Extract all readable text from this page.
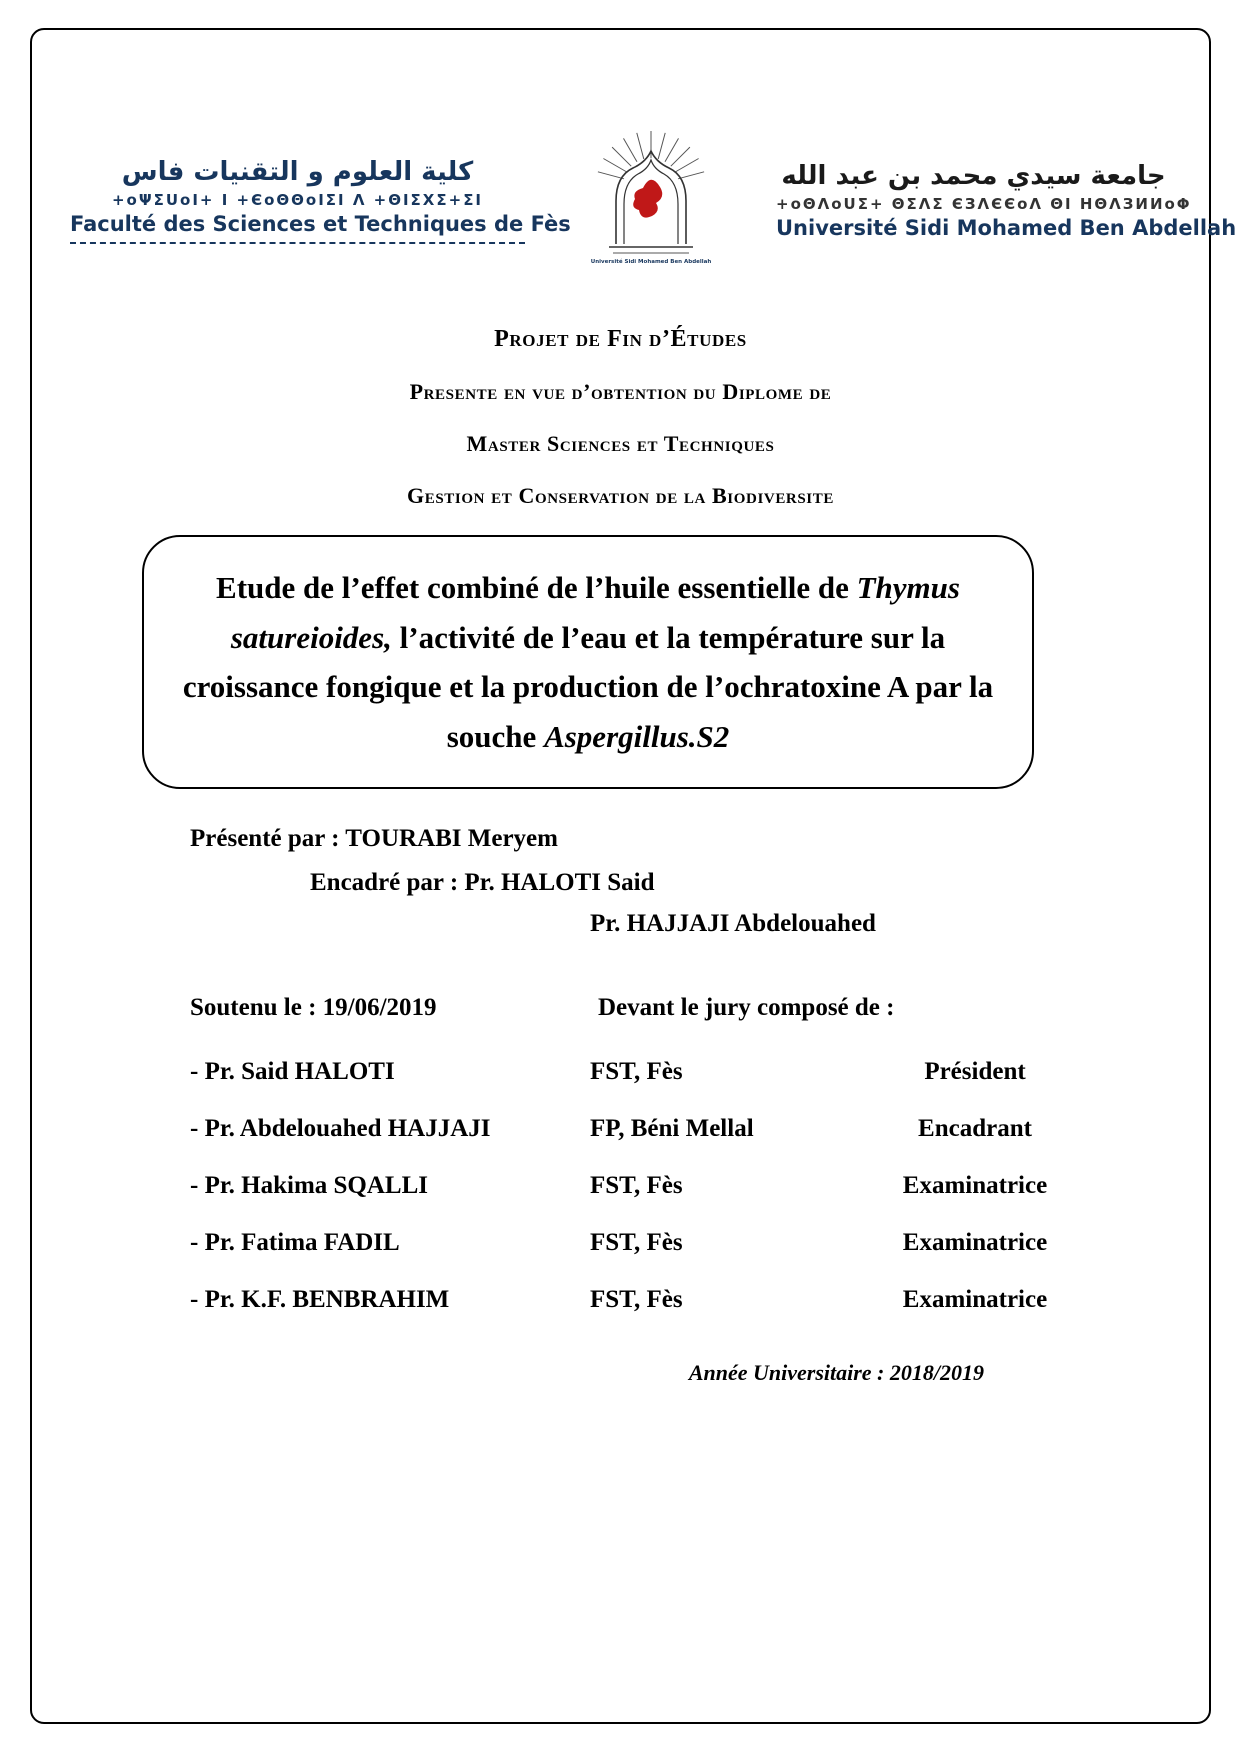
كلية العلوم و التقنيات فاس
+oΨΣUoI+ I +ЄoΘΘoIΣI Λ +ΘIΣXΣ+ΣI
Faculté des Sciences et Techniques de Fès
Université Sidi Mohamed Ben Abdellah
جامعة سيدي محمد بن عبد الله
+oΘΛoUΣ+ ΘΣΛΣ ЄЗΛЄЄoΛ ΘI ΗΘΛЗИИoΦ
Université Sidi Mohamed Ben Abdellah
Projet de Fin d’Études
Presente en vue d’obtention du Diplome de
Master Sciences et Techniques
Gestion et Conservation de la Biodiversite
Etude de l’effet combiné de l’huile essentielle de Thymus satureioides, l’activité de l’eau et la température sur la croissance fongique et la production de l’ochratoxine A par la souche Aspergillus.S2
Présenté par : TOURABI Meryem
Encadré par : Pr. HALOTI Said
Pr. HAJJAJI Abdelouahed
Soutenu le : 19/06/2019	Devant le jury composé de :
- Pr. Said HALOTI	FST, Fès	Président
- Pr. Abdelouahed HAJJAJI	FP, Béni Mellal	Encadrant
- Pr. Hakima SQALLI	FST, Fès	Examinatrice
- Pr. Fatima FADIL	FST, Fès	Examinatrice
- Pr. K.F. BENBRAHIM	FST, Fès	Examinatrice
Année Universitaire : 2018/2019
